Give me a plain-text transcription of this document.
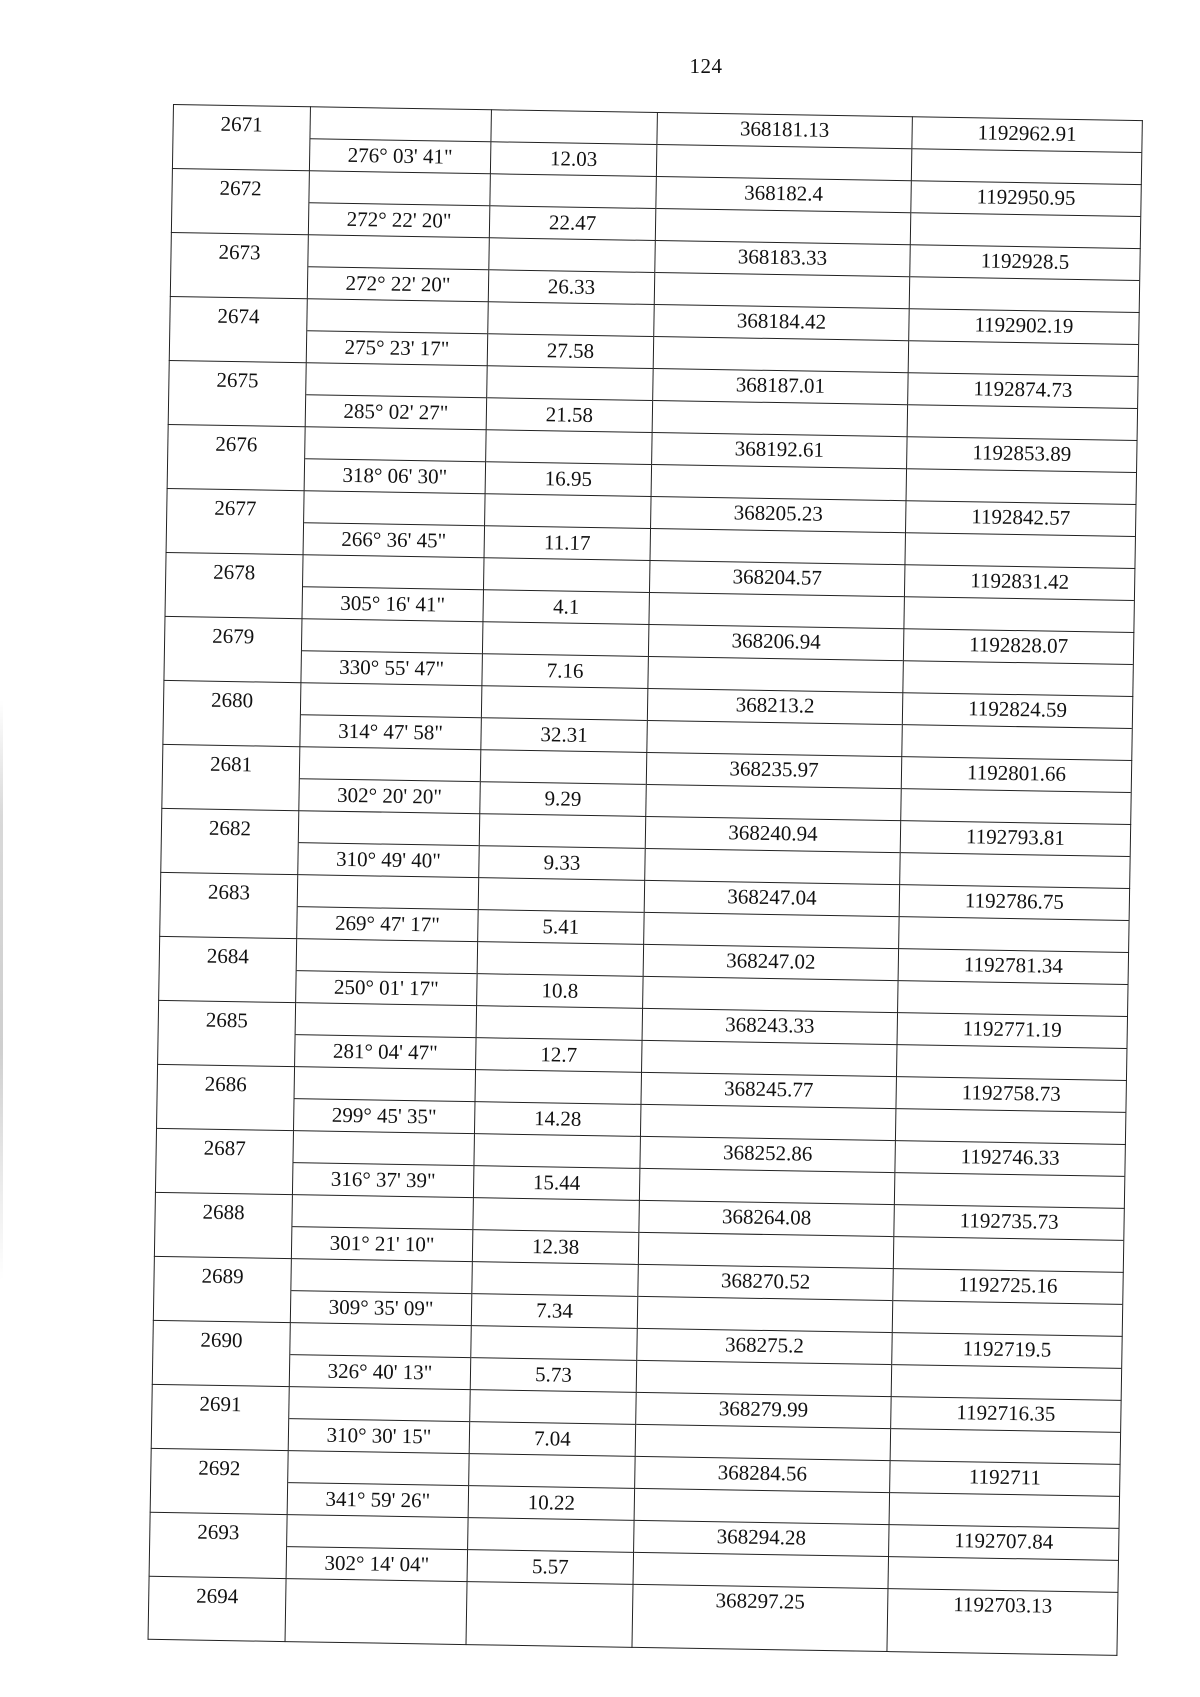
124
2671	276° 03' 41"	12.03	368181.13	1192962.91

2672	272° 22' 20"	22.47	368182.4	1192950.95

2673	272° 22' 20"	26.33	368183.33	1192928.5

2674	275° 23' 17"	27.58	368184.42	1192902.19

2675	285° 02' 27"	21.58	368187.01	1192874.73

2676	318° 06' 30"	16.95	368192.61	1192853.89

2677	266° 36' 45"	11.17	368205.23	1192842.57

2678	305° 16' 41"	4.1	368204.57	1192831.42

2679	330° 55' 47"	7.16	368206.94	1192828.07

2680	314° 47' 58"	32.31	368213.2	1192824.59

2681	302° 20' 20"	9.29	368235.97	1192801.66

2682	310° 49' 40"	9.33	368240.94	1192793.81

2683	269° 47' 17"	5.41	368247.04	1192786.75

2684	250° 01' 17"	10.8	368247.02	1192781.34

2685	281° 04' 47"	12.7	368243.33	1192771.19

2686	299° 45' 35"	14.28	368245.77	1192758.73

2687	316° 37' 39"	15.44	368252.86	1192746.33

2688	301° 21' 10"	12.38	368264.08	1192735.73

2689	309° 35' 09"	7.34	368270.52	1192725.16

2690	326° 40' 13"	5.73	368275.2	1192719.5

2691	310° 30' 15"	7.04	368279.99	1192716.35

2692	341° 59' 26"	10.22	368284.56	1192711

2693	302° 14' 04"	5.57	368294.28	1192707.84

2694			368297.25	1192703.13
